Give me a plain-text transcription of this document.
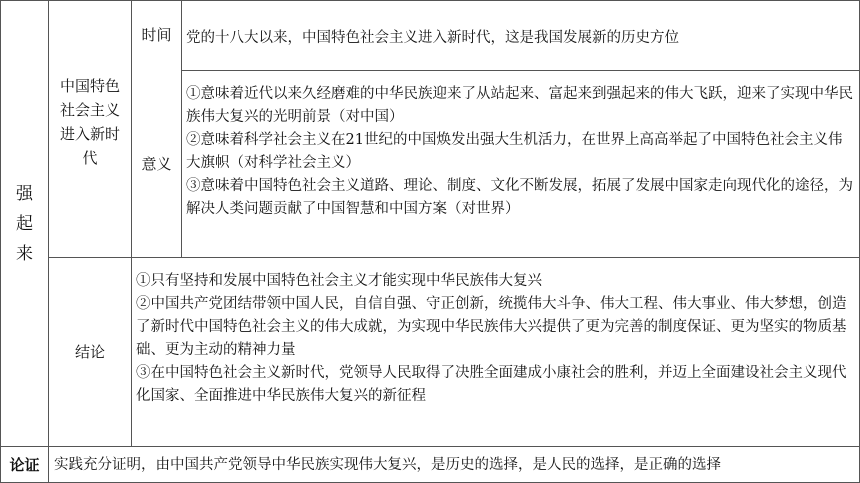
强
起
来
中国特色
社会主义
进入新时
代
时间	党的十八大以来，中国特色社会主义进入新时代，这是我国发展新的历史方位
意义
①意味着近代以来久经磨难的中华民族迎来了从站起来、富起来到强起来的伟大飞跃，迎来了实现中华民族伟大复兴的光明前景（对中国）
②意味着科学社会主义在21世纪的中国焕发出强大生机活力，在世界上高高举起了中国特色社会主义伟大旗帜（对科学社会主义）
③意味着中国特色社会主义道路、理论、制度、文化不断发展，拓展了发展中国家走向现代化的途径，为解决人类问题贡献了中国智慧和中国方案（对世界）
结论
①只有坚持和发展中国特色社会主义才能实现中华民族伟大复兴
②中国共产党团结带领中国人民，自信自强、守正创新，统揽伟大斗争、伟大工程、伟大事业、伟大梦想，创造了新时代中国特色社会主义的伟大成就，为实现中华民族伟大兴提供了更为完善的制度保证、更为坚实的物质基础、更为主动的精神力量
③在中国特色社会主义新时代，党领导人民取得了决胜全面建成小康社会的胜利，并迈上全面建设社会主义现代化国家、全面推进中华民族伟大复兴的新征程
论证	实践充分证明，由中国共产党领导中华民族实现伟大复兴，是历史的选择，是人民的选择，是正确的选择
